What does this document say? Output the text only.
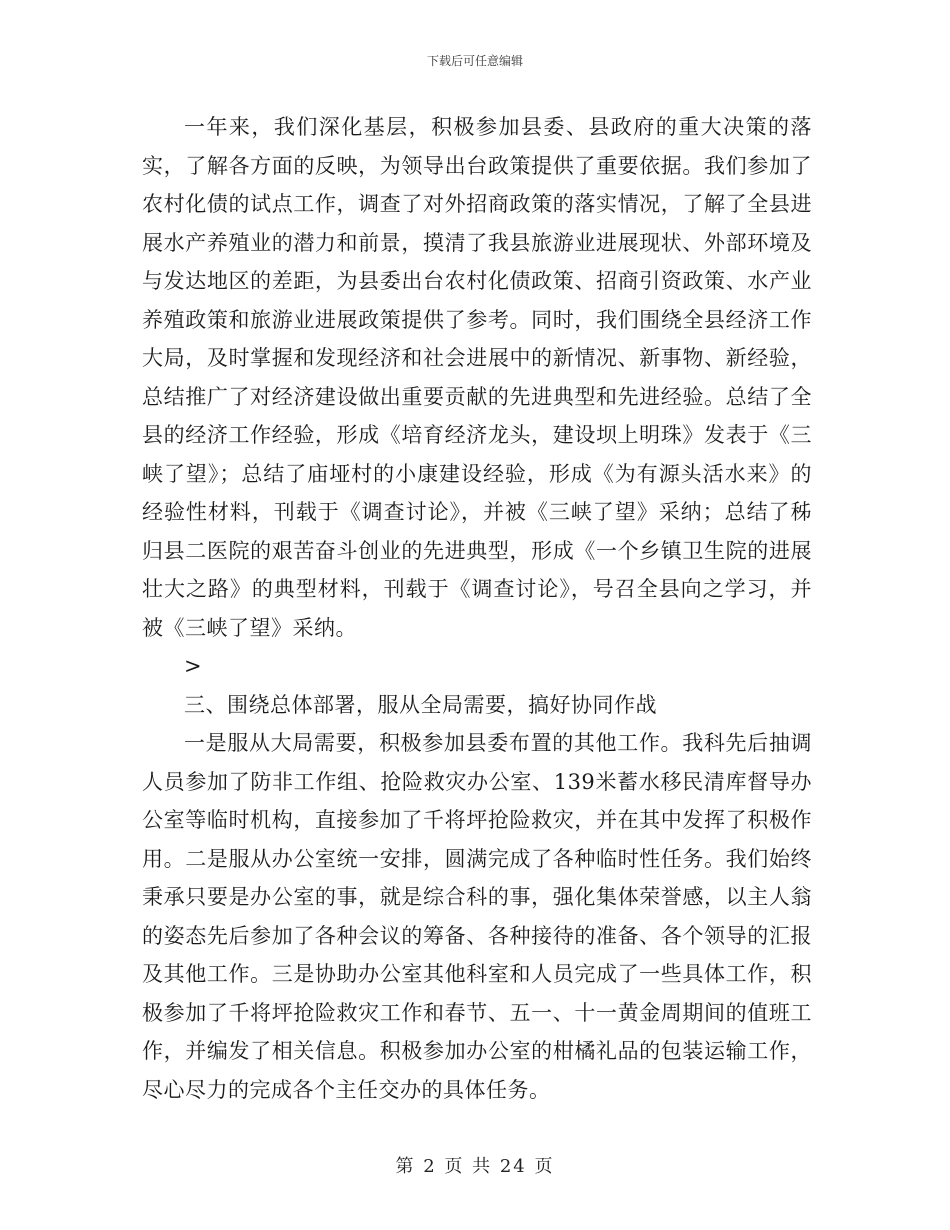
下载后可任意编辑

一年来，我们深化基层，积极参加县委、县政府的重大决策的落实，了解各方面的反映，为领导出台政策提供了重要依据。我们参加了农村化债的试点工作，调查了对外招商政策的落实情况，了解了全县进展水产养殖业的潜力和前景，摸清了我县旅游业进展现状、外部环境及与发达地区的差距，为县委出台农村化债政策、招商引资政策、水产业养殖政策和旅游业进展政策提供了参考。同时，我们围绕全县经济工作大局，及时掌握和发现经济和社会进展中的新情况、新事物、新经验，总结推广了对经济建设做出重要贡献的先进典型和先进经验。总结了全县的经济工作经验，形成《培育经济龙头，建设坝上明珠》发表于《三峡了望》；总结了庙垭村的小康建设经验，形成《为有源头活水来》的经验性材料，刊载于《调查讨论》，并被《三峡了望》采纳；总结了秭归县二医院的艰苦奋斗创业的先进典型，形成《一个乡镇卫生院的进展壮大之路》的典型材料，刊载于《调查讨论》，号召全县向之学习，并被《三峡了望》采纳。

>

三、围绕总体部署，服从全局需要，搞好协同作战

一是服从大局需要，积极参加县委布置的其他工作。我科先后抽调人员参加了防非工作组、抢险救灾办公室、139米蓄水移民清库督导办公室等临时机构，直接参加了千将坪抢险救灾，并在其中发挥了积极作用。二是服从办公室统一安排，圆满完成了各种临时性任务。我们始终秉承只要是办公室的事，就是综合科的事，强化集体荣誉感，以主人翁的姿态先后参加了各种会议的筹备、各种接待的准备、各个领导的汇报及其他工作。三是协助办公室其他科室和人员完成了一些具体工作，积极参加了千将坪抢险救灾工作和春节、五一、十一黄金周期间的值班工作，并编发了相关信息。积极参加办公室的柑橘礼品的包装运输工作，尽心尽力的完成各个主任交办的具体任务。

第 2 页 共 24 页
